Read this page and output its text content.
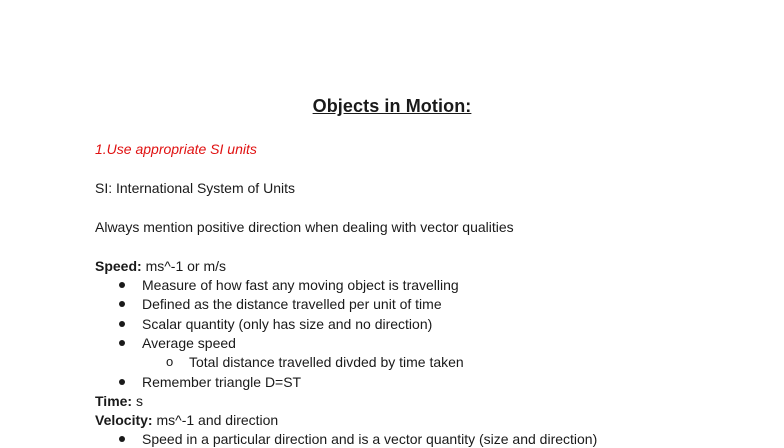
Objects in Motion:
1.Use appropriate SI units
SI: International System of Units
Always mention positive direction when dealing with vector qualities
Speed: ms^-1 or m/s
Measure of how fast any moving object is travelling
Defined as the distance travelled per unit of time
Scalar quantity (only has size and no direction)
Average speed
o Total distance travelled divded by time taken
Remember triangle D=ST
Time: s
Velocity: ms^-1 and direction
Speed in a particular direction and is a vector quantity (size and direction)
